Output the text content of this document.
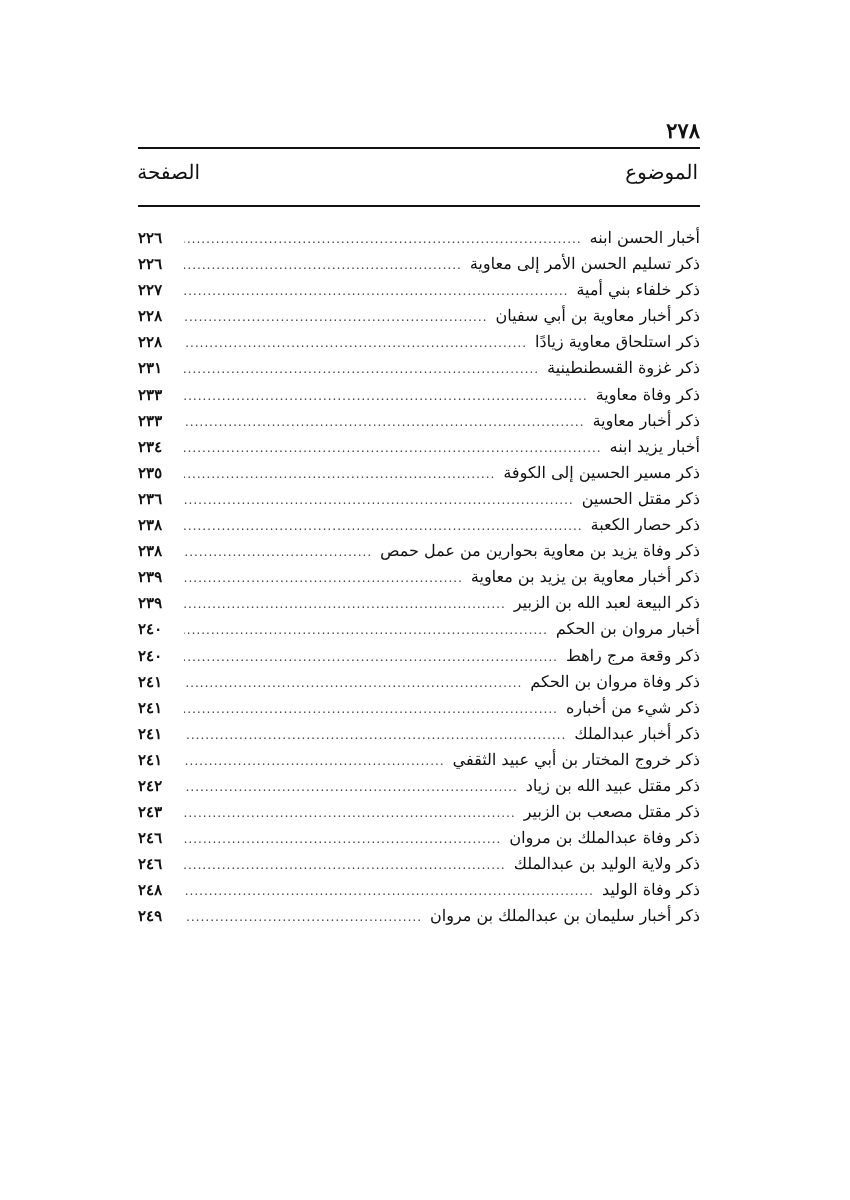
٢٧٨
الموضوع
الصفحة
أخبار الحسن ابنه
.....
٢٢٦
ذكر تسليم الحسن الأمر إلى معاوية
.....
٢٢٦
ذكر خلفاء بني أمية
.....
٢٢٧
ذكر أخبار معاوية بن أبي سفيان
.....
٢٢٨
ذكر استلحاق معاوية زيادًا
.....
٢٢٨
ذكر غزوة القسطنطينية
.....
٢٣١
ذكر وفاة معاوية
.....
٢٣٣
ذكر أخبار معاوية
.....
٢٣٣
أخبار يزيد ابنه
.....
٢٣٤
ذكر مسير الحسين إلى الكوفة
.....
٢٣٥
ذكر مقتل الحسين
.....
٢٣٦
ذكر حصار الكعبة
.....
٢٣٨
ذكر وفاة يزيد بن معاوية بحوارين من عمل حمص
.....
٢٣٨
ذكر أخبار معاوية بن يزيد بن معاوية
.....
٢٣٩
ذكر البيعة لعبد الله بن الزبير
.....
٢٣٩
أخبار مروان بن الحكم
.....
٢٤٠
ذكر وقعة مرج راهط
.....
٢٤٠
ذكر وفاة مروان بن الحكم
.....
٢٤١
ذكر شيء من أخباره
.....
٢٤١
ذكر أخبار عبدالملك
.....
٢٤١
ذكر خروج المختار بن أبي عبيد الثقفي
.....
٢٤١
ذكر مقتل عبيد الله بن زياد
.....
٢٤٢
ذكر مقتل مصعب بن الزبير
.....
٢٤٣
ذكر وفاة عبدالملك بن مروان
.....
٢٤٦
ذكر ولاية الوليد بن عبدالملك
.....
٢٤٦
ذكر وفاة الوليد
.....
٢٤٨
ذكر أخبار سليمان بن عبدالملك بن مروان
.....
٢٤٩
